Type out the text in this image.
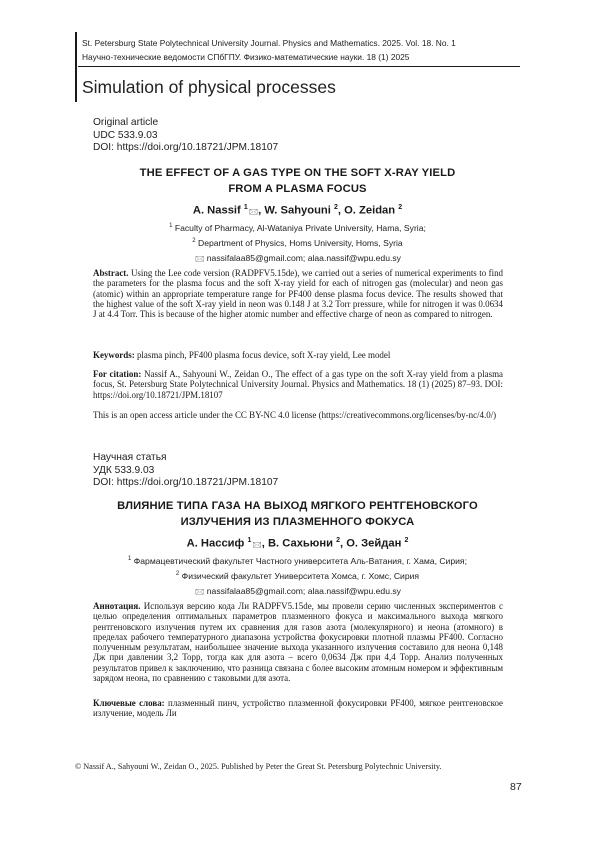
St. Petersburg State Polytechnical University Journal. Physics and Mathematics. 2025. Vol. 18. No. 1
Научно-технические ведомости СПбГПУ. Физико-математические науки. 18 (1) 2025
Simulation of physical processes
Original article
UDC 533.9.03
DOI: https://doi.org/10.18721/JPM.18107
THE EFFECT OF A GAS TYPE ON THE SOFT X-RAY YIELD
FROM A PLASMA FOCUS
A. Nassif $^1$🖂, W. Sahyouni $^2$, O. Zeidan $^2$
$^1$ Faculty of Pharmacy, Al-Wataniya Private University, Hama, Syria;
$^2$ Department of Physics, Homs University, Homs, Syria
🖂 nassifalaa85@gmail.com; alaa.nassif@wpu.edu.sy
Abstract. Using the Lee code version (RADPFV5.15de), we carried out a series of numerical experiments to find the parameters for the plasma focus and the soft X-ray yield for each of nitrogen gas (molecular) and neon gas (atomic) within an appropriate temperature range for PF400 dense plasma focus device. The results showed that the highest value of the soft X-ray yield in neon was 0.148 J at 3.2 Torr pressure, while for nitrogen it was 0.0634 J at 4.4 Torr. This is because of the higher atomic number and effective charge of neon as compared to nitrogen.
Keywords: plasma pinch, PF400 plasma focus device, soft X-ray yield, Lee model
For citation: Nassif A., Sahyouni W., Zeidan O., The effect of a gas type on the soft X-ray yield from a plasma focus, St. Petersburg State Polytechnical University Journal. Physics and Mathematics. 18 (1) (2025) 87–93. DOI: https://doi.org/10.18721/JPM.18107
This is an open access article under the CC BY-NC 4.0 license (https://creativecommons.org/licenses/by-nc/4.0/)
Научная статья
УДК 533.9.03
DOI: https://doi.org/10.18721/JPM.18107
ВЛИЯНИЕ ТИПА ГАЗА НА ВЫХОД МЯГКОГО РЕНТГЕНОВСКОГО
ИЗЛУЧЕНИЯ ИЗ ПЛАЗМЕННОГО ФОКУСА
А. Нассиф $^1$🖂, В. Сахьюни $^2$, О. Зейдан $^2$
$^1$ Фармацевтический факультет Частного университета Аль-Ватания, г. Хама, Сирия;
$^2$ Физический факультет Университета Хомса, г. Хомс, Сирия
🖂 nassifalaa85@gmail.com; alaa.nassif@wpu.edu.sy
Аннотация. Используя версию кода Ли RADPFV5.15de, мы провели серию численных экспериментов с целью определения оптимальных параметров плазменного фокуса и максимального выхода мягкого рентгеновского излучения путем их сравнения для газов азота (молекулярного) и неона (атомного) в пределах рабочего температурного диапазона устройства фокусировки плотной плазмы PF400. Согласно полученным результатам, наибольшее значение выхода указанного излучения составило для неона 0,148 Дж при давлении 3,2 Торр, тогда как для азота – всего 0,0634 Дж при 4,4 Торр. Анализ полученных результатов привел к заключению, что разница связана с более высоким атомным номером и эффективным зарядом неона, по сравнению с таковыми для азота.
Ключевые слова: плазменный пинч, устройство плазменной фокусировки PF400, мягкое рентгеновское излучение, модель Ли
© Nassif A., Sahyouni W., Zeidan O., 2025. Published by Peter the Great St. Petersburg Polytechnic University.
87
